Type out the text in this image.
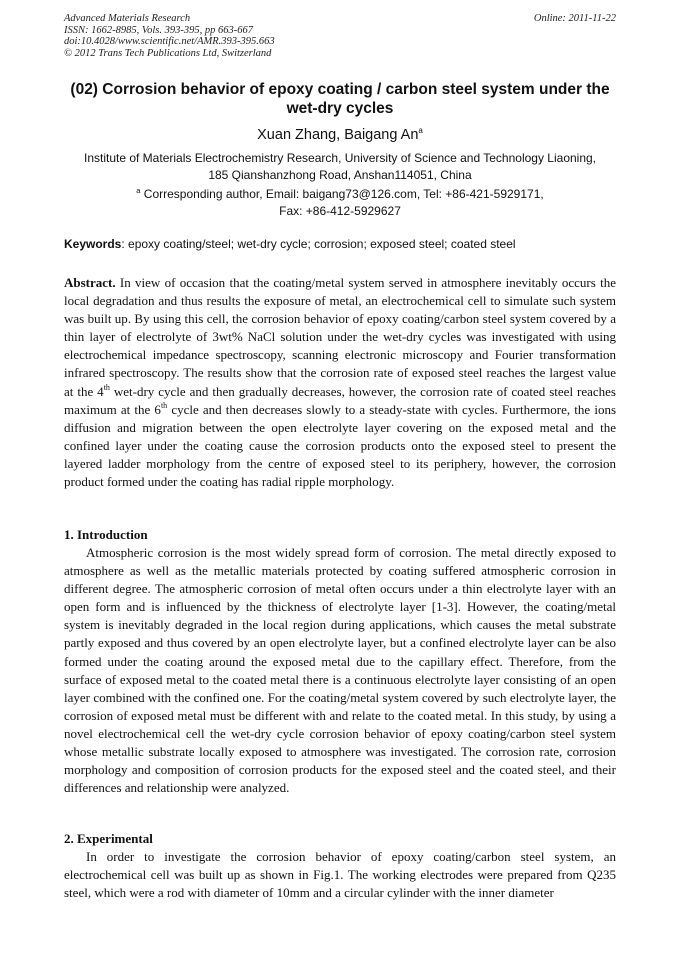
Advanced Materials Research
ISSN: 1662-8985, Vols. 393-395, pp 663-667
doi:10.4028/www.scientific.net/AMR.393-395.663
© 2012 Trans Tech Publications Ltd, Switzerland
Online: 2011-11-22
(02) Corrosion behavior of epoxy coating / carbon steel system under the wet-dry cycles
Xuan Zhang, Baigang An$^a$
Institute of Materials Electrochemistry Research, University of Science and Technology Liaoning,
185 Qianshanzhong Road, Anshan114051, China
$^a$ Corresponding author, Email: baigang73@126.com, Tel: +86-421-5929171,
Fax: +86-412-5929627
Keywords: epoxy coating/steel; wet-dry cycle; corrosion; exposed steel; coated steel
Abstract. In view of occasion that the coating/metal system served in atmosphere inevitably occurs the local degradation and thus results the exposure of metal, an electrochemical cell to simulate such system was built up. By using this cell, the corrosion behavior of epoxy coating/carbon steel system covered by a thin layer of electrolyte of 3wt% NaCl solution under the wet-dry cycles was investigated with using electrochemical impedance spectroscopy, scanning electronic microscopy and Fourier transformation infrared spectroscopy. The results show that the corrosion rate of exposed steel reaches the largest value at the 4th wet-dry cycle and then gradually decreases, however, the corrosion rate of coated steel reaches maximum at the 6th cycle and then decreases slowly to a steady-state with cycles. Furthermore, the ions diffusion and migration between the open electrolyte layer covering on the exposed metal and the confined layer under the coating cause the corrosion products onto the exposed steel to present the layered ladder morphology from the centre of exposed steel to its periphery, however, the corrosion product formed under the coating has radial ripple morphology.
1. Introduction
Atmospheric corrosion is the most widely spread form of corrosion. The metal directly exposed to atmosphere as well as the metallic materials protected by coating suffered atmospheric corrosion in different degree. The atmospheric corrosion of metal often occurs under a thin electrolyte layer with an open form and is influenced by the thickness of electrolyte layer [1-3]. However, the coating/metal system is inevitably degraded in the local region during applications, which causes the metal substrate partly exposed and thus covered by an open electrolyte layer, but a confined electrolyte layer can be also formed under the coating around the exposed metal due to the capillary effect. Therefore, from the surface of exposed metal to the coated metal there is a continuous electrolyte layer consisting of an open layer combined with the confined one. For the coating/metal system covered by such electrolyte layer, the corrosion of exposed metal must be different with and relate to the coated metal. In this study, by using a novel electrochemical cell the wet-dry cycle corrosion behavior of epoxy coating/carbon steel system whose metallic substrate locally exposed to atmosphere was investigated. The corrosion rate, corrosion morphology and composition of corrosion products for the exposed steel and the coated steel, and their differences and relationship were analyzed.
2. Experimental
In order to investigate the corrosion behavior of epoxy coating/carbon steel system, an electrochemical cell was built up as shown in Fig.1. The working electrodes were prepared from Q235 steel, which were a rod with diameter of 10mm and a circular cylinder with the inner diameter
